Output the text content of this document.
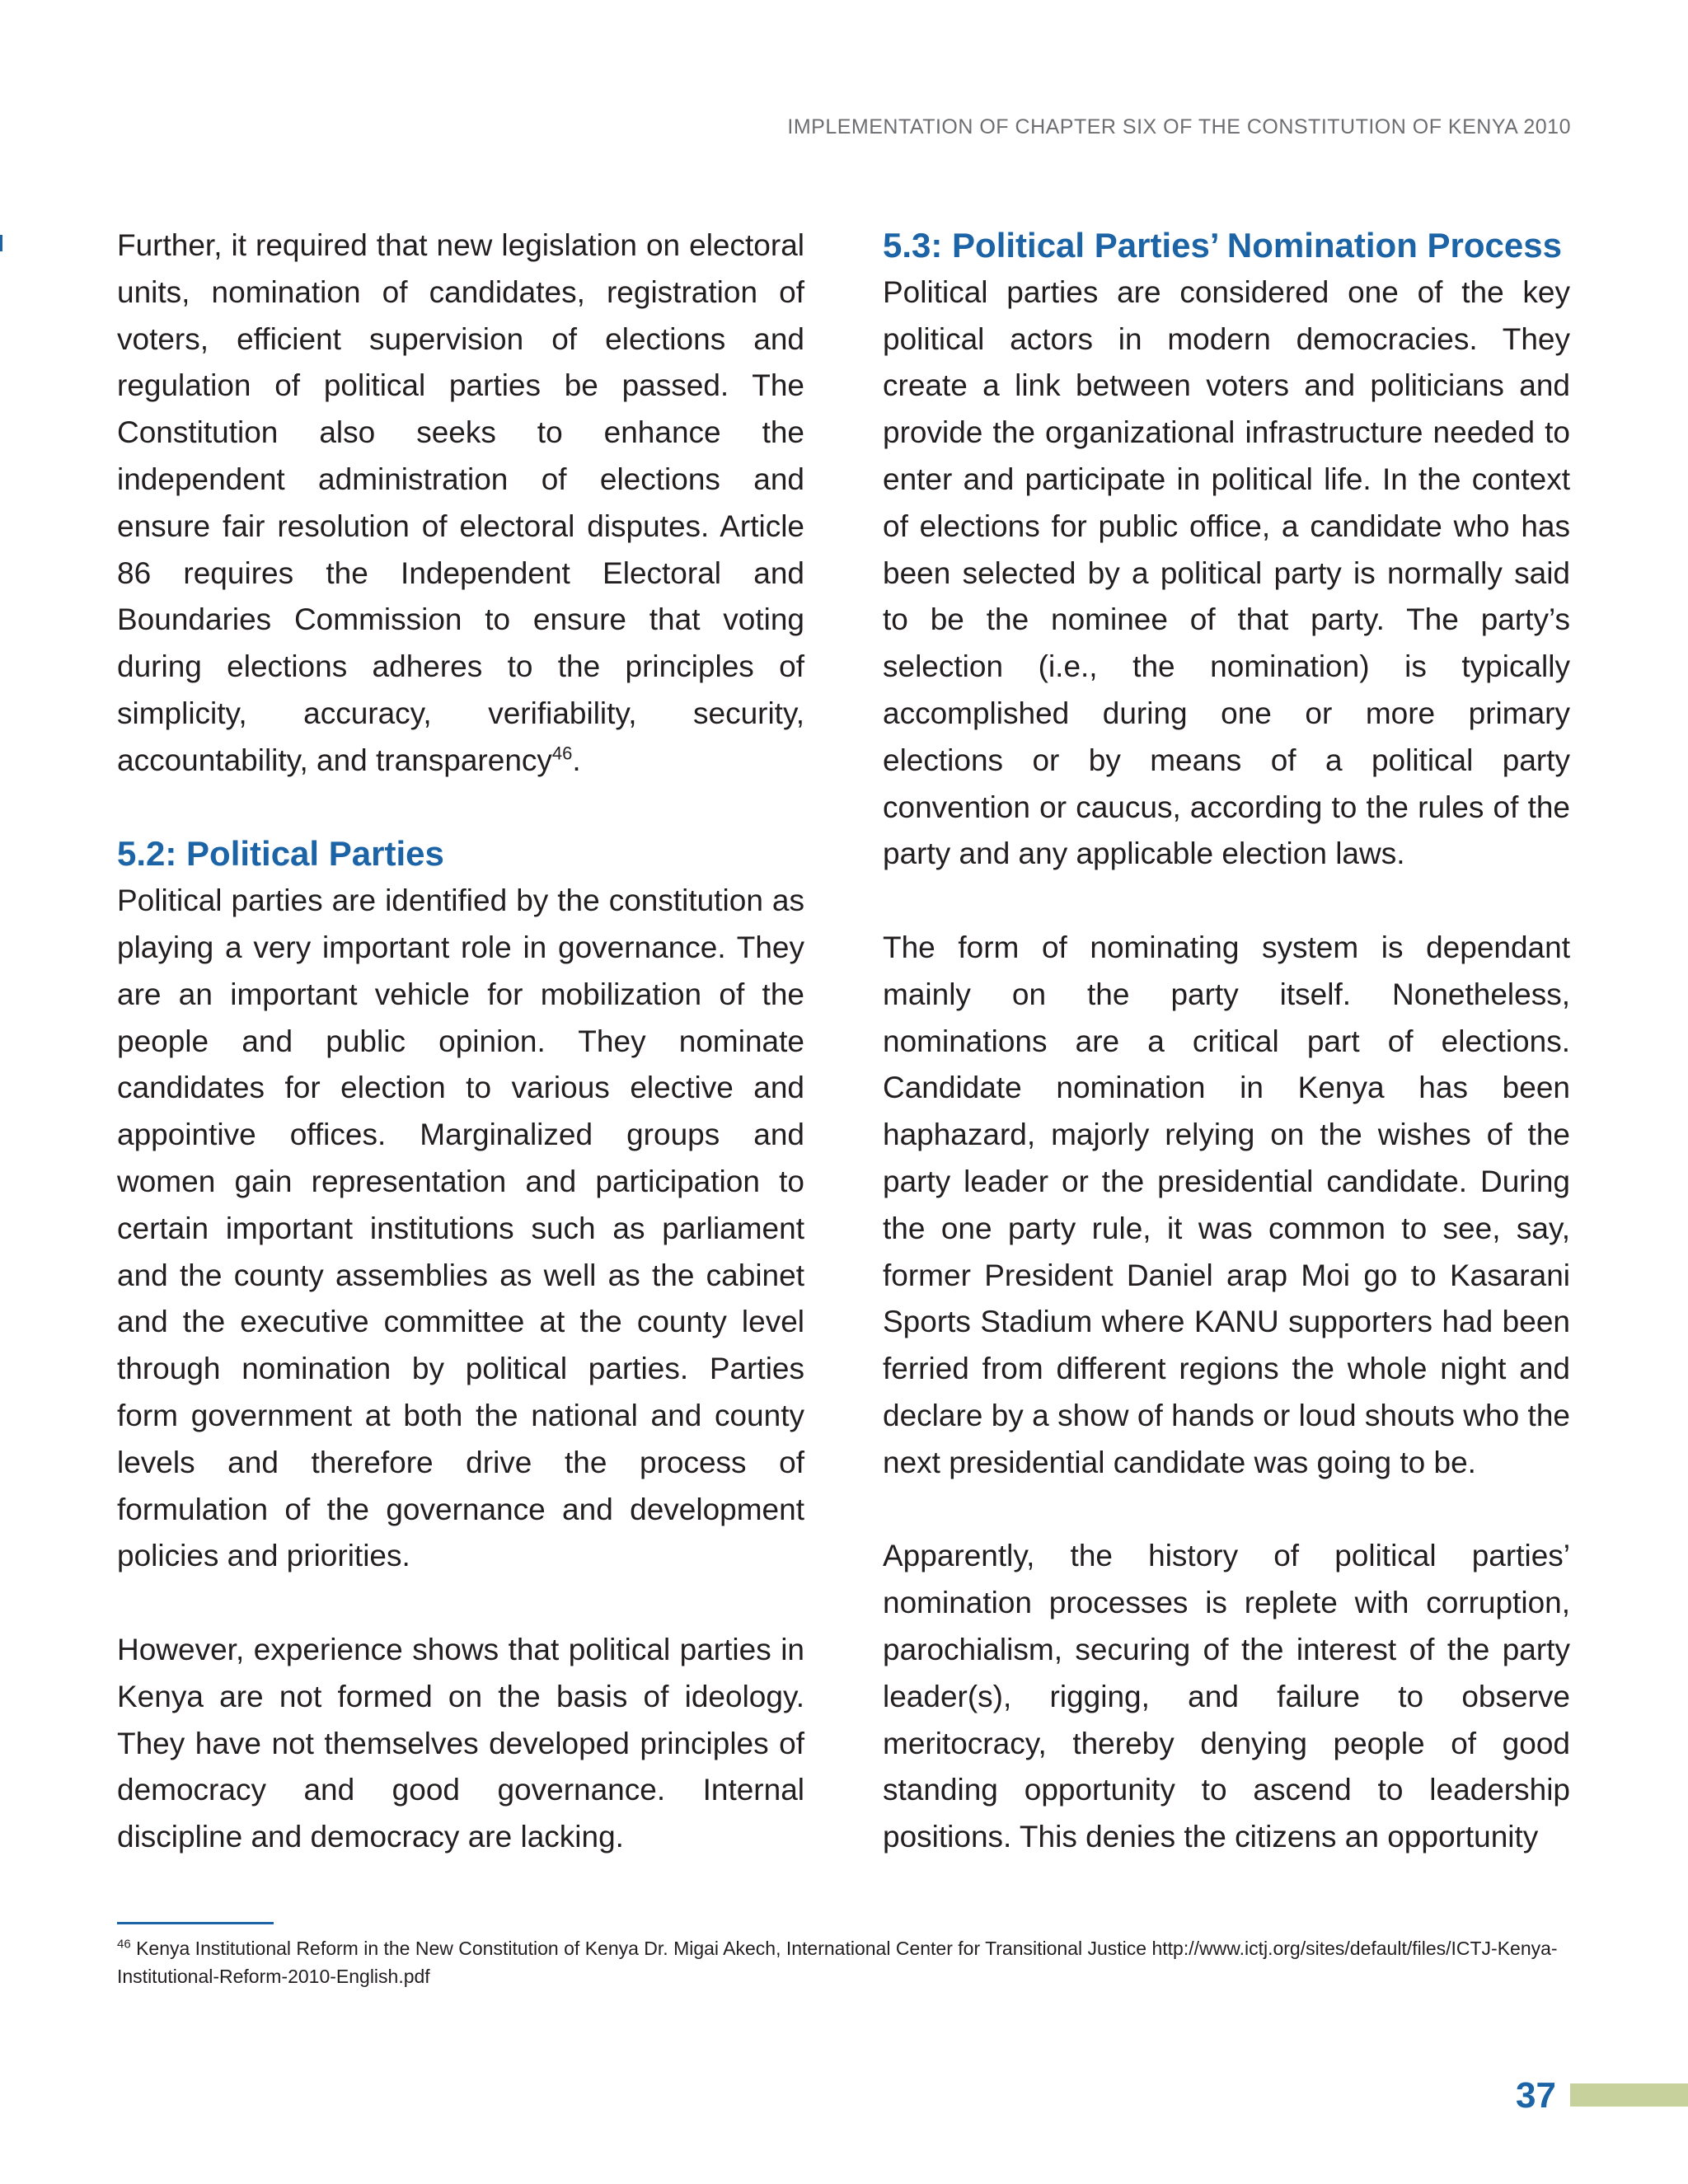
IMPLEMENTATION OF CHAPTER SIX OF THE CONSTITUTION OF KENYA 2010

Further, it required that new legislation on electoral units, nomination of candidates, registration of voters, efficient supervision of elections and regulation of political parties be passed. The Constitution also seeks to enhance the independent administration of elections and ensure fair resolution of electoral disputes. Article 86 requires the Independent Electoral and Boundaries Commission to ensure that voting during elections adheres to the principles of simplicity, accuracy, verifiability, security, accountability, and transparency$^{46}$.

5.2: Political Parties

Political parties are identified by the constitution as playing a very important role in governance. They are an important vehicle for mobilization of the people and public opinion. They nominate candidates for election to various elective and appointive offices. Marginalized groups and women gain representation and participation to certain important institutions such as parliament and the county assemblies as well as the cabinet and the executive committee at the county level through nomination by political parties. Parties form government at both the national and county levels and therefore drive the process of formulation of the governance and development policies and priorities.

However, experience shows that political parties in Kenya are not formed on the basis of ideology. They have not themselves developed principles of democracy and good governance. Internal discipline and democracy are lacking.

5.3: Political Parties’ Nomination Process

Political parties are considered one of the key political actors in modern democracies. They create a link between voters and politicians and provide the organizational infrastructure needed to enter and participate in political life. In the context of elections for public office, a candidate who has been selected by a political party is normally said to be the nominee of that party. The party’s selection (i.e., the nomination) is typically accomplished during one or more primary elections or by means of a political party convention or caucus, according to the rules of the party and any applicable election laws.

The form of nominating system is dependant mainly on the party itself. Nonetheless, nominations are a critical part of elections. Candidate nomination in Kenya has been haphazard, majorly relying on the wishes of the party leader or the presidential candidate. During the one party rule, it was common to see, say, former President Daniel arap Moi go to Kasarani Sports Stadium where KANU supporters had been ferried from different regions the whole night and declare by a show of hands or loud shouts who the next presidential candidate was going to be.

Apparently, the history of political parties’ nomination processes is replete with corruption, parochialism, securing of the interest of the party leader(s), rigging, and failure to observe meritocracy, thereby denying people of good standing opportunity to ascend to leadership positions. This denies the citizens an opportunity

$^{46}$ Kenya Institutional Reform in the New Constitution of Kenya Dr. Migai Akech, International Center for Transitional Justice http://www.ictj.org/sites/default/files/ICTJ-Kenya-Institutional-Reform-2010-English.pdf
37
